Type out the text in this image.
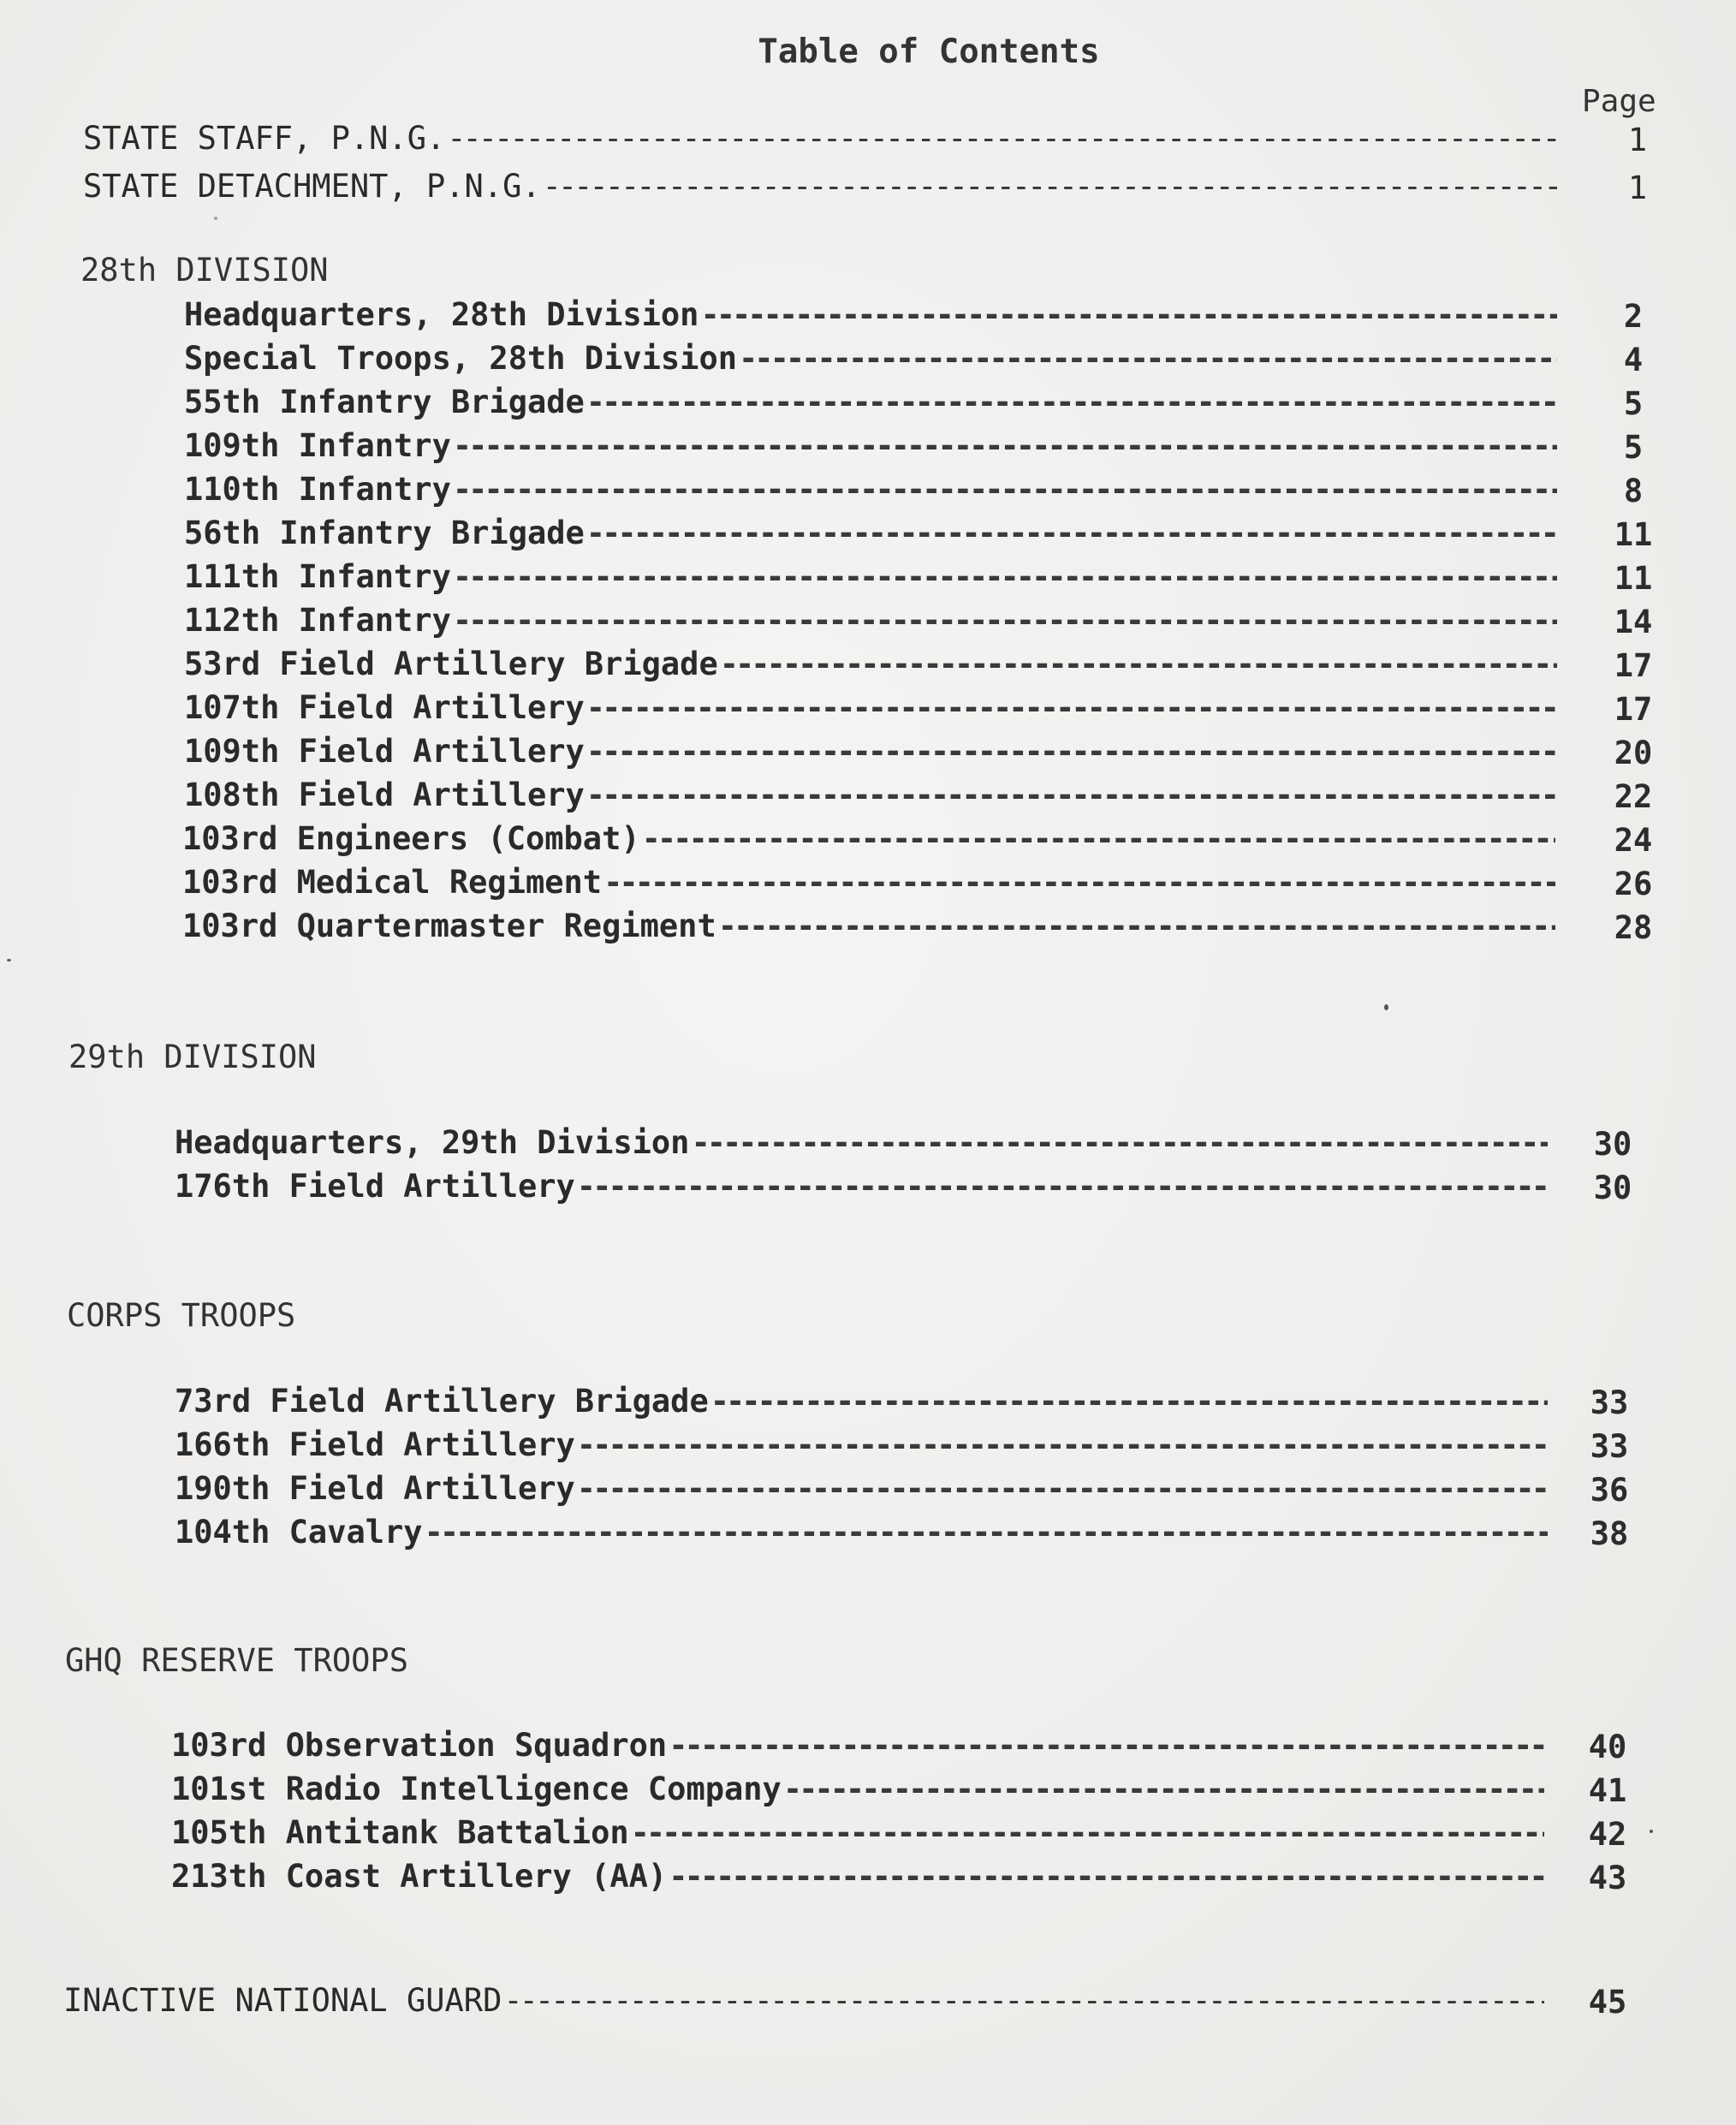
Table of Contents
Page
STATE STAFF, P.N.G. -----	1
STATE DETACHMENT, P.N.G. -----	1
28th DIVISION
Headquarters, 28th Division -----	2
Special Troops, 28th Division -----	4
55th Infantry Brigade -----	5
109th Infantry -----	5
110th Infantry -----	8
56th Infantry Brigade -----	11
111th Infantry -----	11
112th Infantry -----	14
53rd Field Artillery Brigade -----	17
107th Field Artillery -----	17
109th Field Artillery -----	20
108th Field Artillery -----	22
103rd Engineers (Combat) -----	24
103rd Medical Regiment -----	26
103rd Quartermaster Regiment -----	28
29th DIVISION
Headquarters, 29th Division -----	30
176th Field Artillery -----	30
CORPS TROOPS
73rd Field Artillery Brigade -----	33
166th Field Artillery -----	33
190th Field Artillery -----	36
104th Cavalry -----	38
GHQ RESERVE TROOPS
103rd Observation Squadron -----	40
101st Radio Intelligence Company -----	41
105th Antitank Battalion -----	42
213th Coast Artillery (AA) -----	43
INACTIVE NATIONAL GUARD -----	45
